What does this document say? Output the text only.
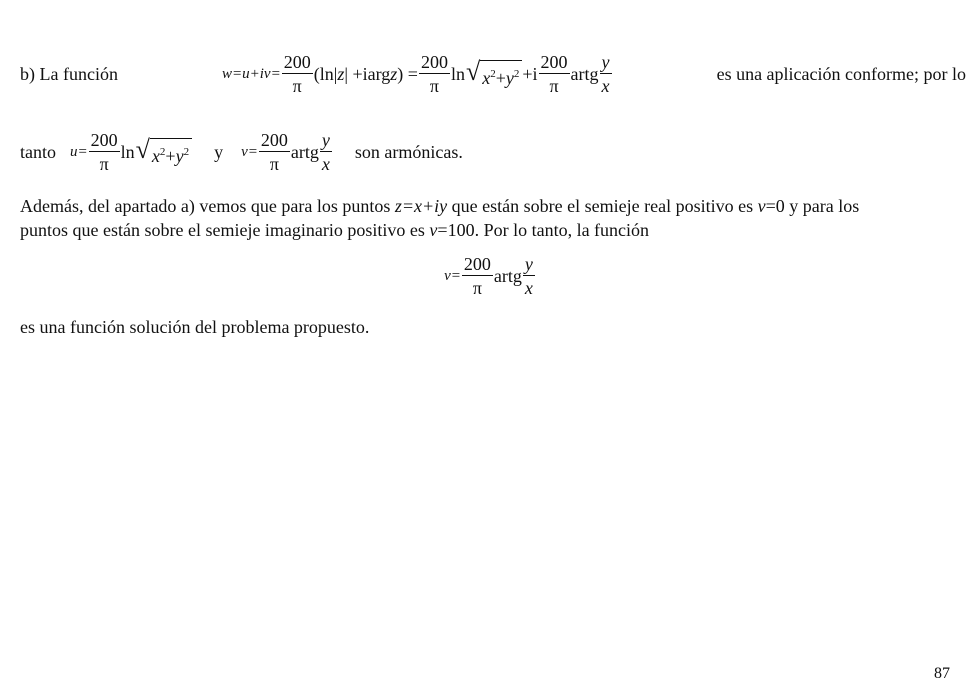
b) La función	$w=u+iv= \frac{200}{\pi} (\ln|$ z | +iarg z ) = $\frac{200}{\pi}$ ln √ $x^2+y^2 +i \frac{200}{\pi}$ artg $\frac{y}{x}$	es una aplicación conforme; por lo
tanto $u= \frac{200}{\pi}$ ln √ $x^2+y^2$ y $v= \frac{200}{\pi}$ artg $\frac{y}{x}$ son armónicas.
Además, del apartado a) vemos que para los puntos z=x+iy que están sobre el semieje real positivo es v=0 y para los
puntos que están sobre el semieje imaginario positivo es v=100. Por lo tanto, la función
$v= \frac{200}{\pi}$ artg $\frac{y}{x}$
es una función solución del problema propuesto.
87
